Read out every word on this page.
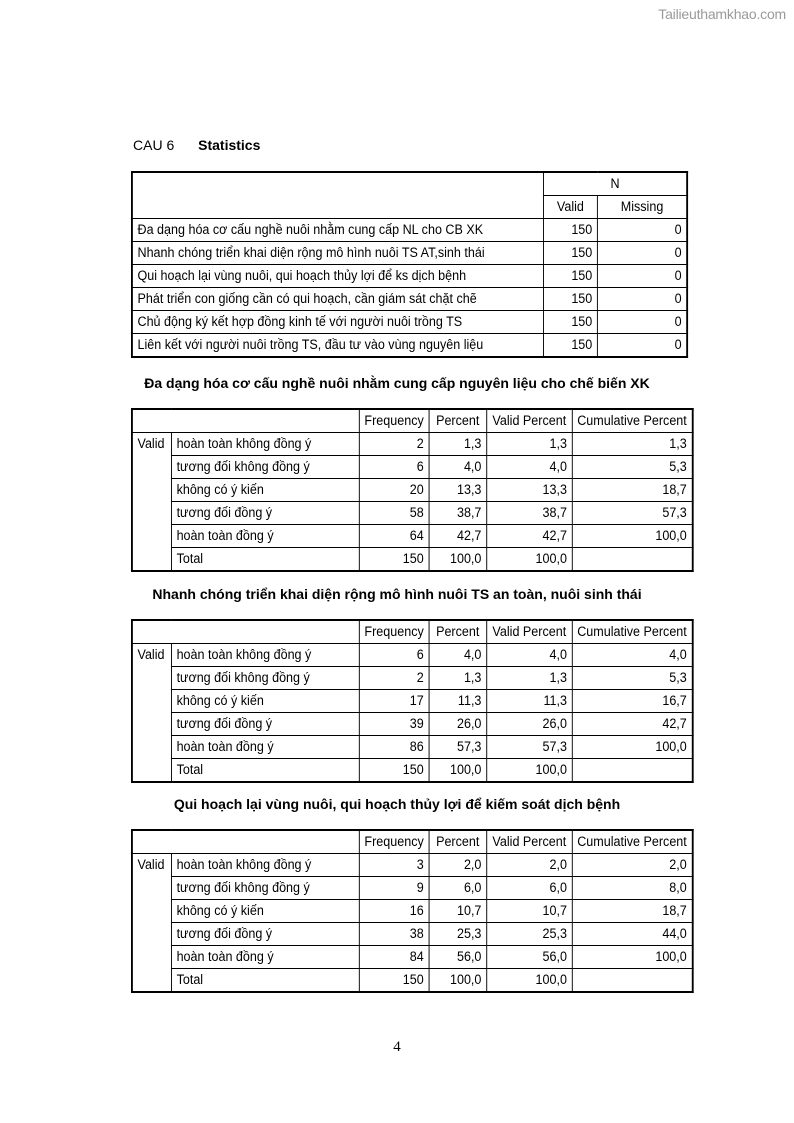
Tailieuthamkhao.com
CAU 6 Statistics
	N	
	Valid	Missing
Đa dạng hóa cơ cấu nghề nuôi nhằm cung cấp NL cho CB XK	150	0
Nhanh chóng triển khai diện rộng mô hình nuôi TS AT,sinh thái	150	0
Qui hoạch lại vùng nuôi, qui hoạch thủy lợi để ks dịch bệnh	150	0
Phát triển con giống cần có qui hoạch, cần giám sát chặt chẽ	150	0
Chủ động ký kết hợp đồng kinh tế với người nuôi trồng TS	150	0
Liên kết với người nuôi trồng TS, đầu tư vào vùng nguyên liệu	150	0
Đa dạng hóa cơ cấu nghề nuôi nhằm cung cấp nguyên liệu cho chế biến XK
		Frequency	Percent	Valid Percent	Cumulative Percent
Valid	hoàn toàn không đồng ý	2	1,3	1,3	1,3
	tương đối không đồng ý	6	4,0	4,0	5,3
	không có ý kiến	20	13,3	13,3	18,7
	tương đối đồng ý	58	38,7	38,7	57,3
	hoàn toàn đồng ý	64	42,7	42,7	100,0
	Total	150	100,0	100,0	
Nhanh chóng triển khai diện rộng mô hình nuôi TS an toàn, nuôi sinh thái
		Frequency	Percent	Valid Percent	Cumulative Percent
Valid	hoàn toàn không đồng ý	6	4,0	4,0	4,0
	tương đối không đồng ý	2	1,3	1,3	5,3
	không có ý kiến	17	11,3	11,3	16,7
	tương đối đồng ý	39	26,0	26,0	42,7
	hoàn toàn đồng ý	86	57,3	57,3	100,0
	Total	150	100,0	100,0	
Qui hoạch lại vùng nuôi, qui hoạch thủy lợi để kiếm soát dịch bệnh
		Frequency	Percent	Valid Percent	Cumulative Percent
Valid	hoàn toàn không đồng ý	3	2,0	2,0	2,0
	tương đối không đồng ý	9	6,0	6,0	8,0
	không có ý kiến	16	10,7	10,7	18,7
	tương đối đồng ý	38	25,3	25,3	44,0
	hoàn toàn đồng ý	84	56,0	56,0	100,0
	Total	150	100,0	100,0	
4
